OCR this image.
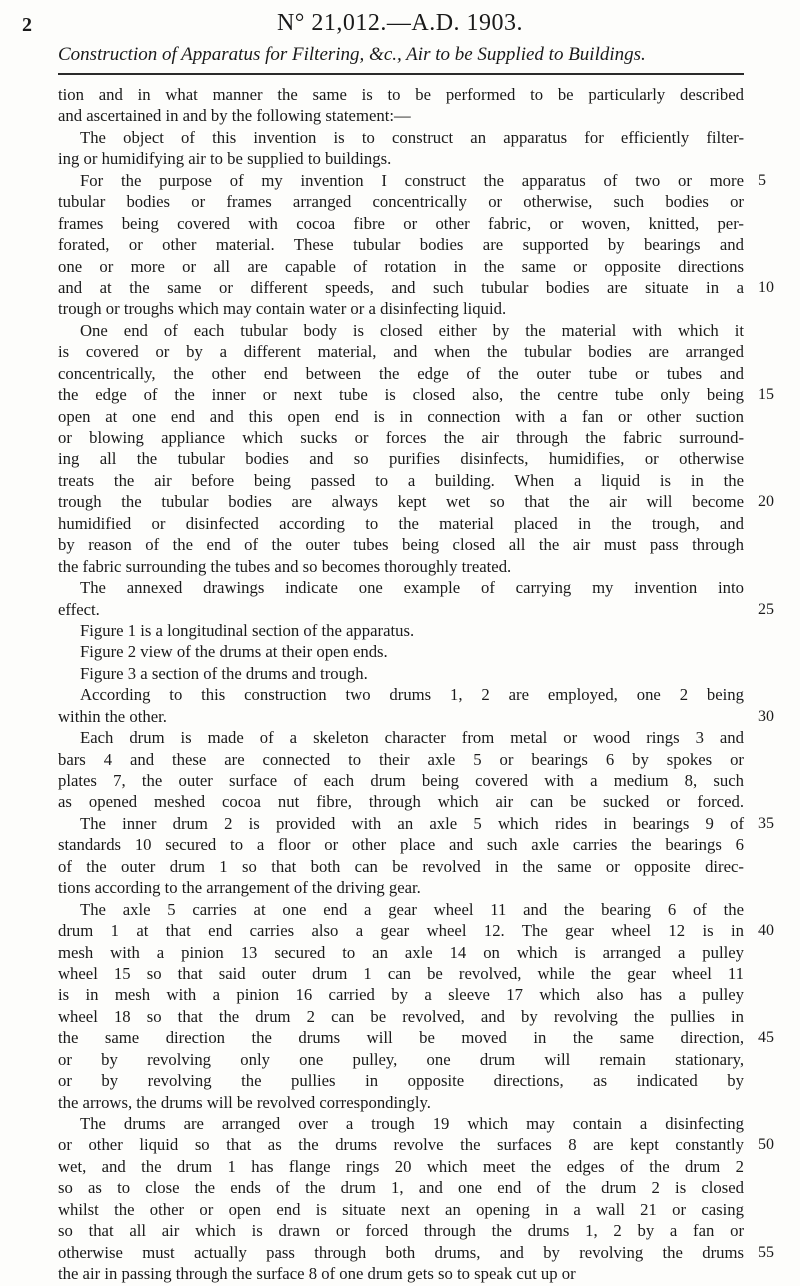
2	N° 21,012.—A.D. 1903.
Construction of Apparatus for Filtering, &c., Air to be Supplied to Buildings.
tion and in what manner the same is to be performed to be particularly described
and ascertained in and by the following statement:—
The object of this invention is to construct an apparatus for efficiently filter-
ing or humidifying air to be supplied to buildings.
For the purpose of my invention I construct the apparatus of two or more 5
tubular bodies or frames arranged concentrically or otherwise, such bodies or
frames being covered with cocoa fibre or other fabric, or woven, knitted, per-
forated, or other material. These tubular bodies are supported by bearings and
one or more or all are capable of rotation in the same or opposite directions
and at the same or different speeds, and such tubular bodies are situate in a 10
trough or troughs which may contain water or a disinfecting liquid.
One end of each tubular body is closed either by the material with which it
is covered or by a different material, and when the tubular bodies are arranged
concentrically, the other end between the edge of the outer tube or tubes and
the edge of the inner or next tube is closed also, the centre tube only being 15
open at one end and this open end is in connection with a fan or other suction
or blowing appliance which sucks or forces the air through the fabric surround-
ing all the tubular bodies and so purifies disinfects, humidifies, or otherwise
treats the air before being passed to a building. When a liquid is in the
trough the tubular bodies are always kept wet so that the air will become 20
humidified or disinfected according to the material placed in the trough, and
by reason of the end of the outer tubes being closed all the air must pass through
the fabric surrounding the tubes and so becomes thoroughly treated.
The annexed drawings indicate one example of carrying my invention into
effect.	25
Figure 1 is a longitudinal section of the apparatus.
Figure 2 view of the drums at their open ends.
Figure 3 a section of the drums and trough.
According to this construction two drums 1, 2 are employed, one 2 being
within the other.	30
Each drum is made of a skeleton character from metal or wood rings 3 and
bars 4 and these are connected to their axle 5 or bearings 6 by spokes or
plates 7, the outer surface of each drum being covered with a medium 8, such
as opened meshed cocoa nut fibre, through which air can be sucked or forced.
The inner drum 2 is provided with an axle 5 which rides in bearings 9 of 35
standards 10 secured to a floor or other place and such axle carries the bearings 6
of the outer drum 1 so that both can be revolved in the same or opposite direc-
tions according to the arrangement of the driving gear.
The axle 5 carries at one end a gear wheel 11 and the bearing 6 of the
drum 1 at that end carries also a gear wheel 12. The gear wheel 12 is in 40
mesh with a pinion 13 secured to an axle 14 on which is arranged a pulley
wheel 15 so that said outer drum 1 can be revolved, while the gear wheel 11
is in mesh with a pinion 16 carried by a sleeve 17 which also has a pulley
wheel 18 so that the drum 2 can be revolved, and by revolving the pullies in
the same direction the drums will be moved in the same direction, 45
or by revolving only one pulley, one drum will remain stationary,
or by revolving the pullies in opposite directions, as indicated by
the arrows, the drums will be revolved correspondingly.
The drums are arranged over a trough 19 which may contain a disinfecting
or other liquid so that as the drums revolve the surfaces 8 are kept constantly 50
wet, and the drum 1 has flange rings 20 which meet the edges of the drum 2
so as to close the ends of the drum 1, and one end of the drum 2 is closed
whilst the other or open end is situate next an opening in a wall 21 or casing
so that all air which is drawn or forced through the drums 1, 2 by a fan or
otherwise must actually pass through both drums, and by revolving the drums 55
the air in passing through the surface 8 of one drum gets so to speak cut up or
